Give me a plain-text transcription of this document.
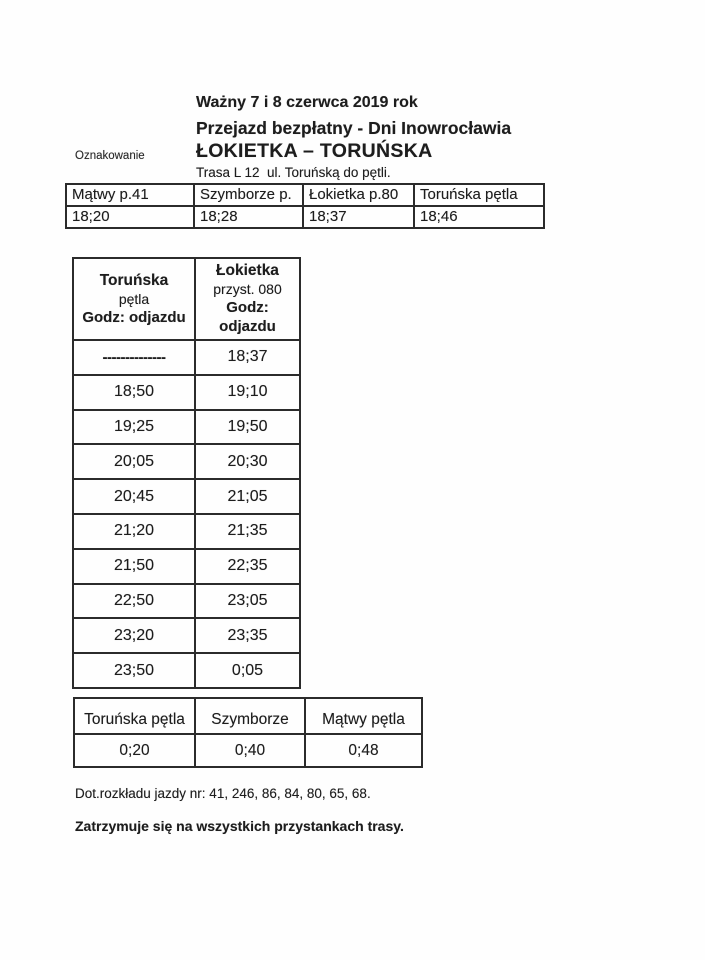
Ważny 7 i 8 czerwca 2019 rok
Przejazd bezpłatny - Dni Inowrocławia
ŁOKIETKA – TORUŃSKA
Oznakowanie
Trasa L 12  ul. Toruńską do pętli.
Mątwy p.41	Szymborze p.	Łokietka p.80	Toruńska pętla
18;20	18;28	18;37	18;46
Toruńska
pętla
Godz: odjazdu	Łokietka
przyst. 080
Godz: odjazdu

--------------	18;37
18;50	19;10
19;25	19;50
20;05	20;30
20;45	21;05
21;20	21;35
21;50	22;35
22;50	23;05
23;20	23;35
23;50	0;05
Toruńska pętla	Szymborze	Mątwy pętla
0;20	0;40	0;48
Dot.rozkładu jazdy nr: 41, 246, 86, 84, 80, 65, 68.
Zatrzymuje się na wszystkich przystankach trasy.
